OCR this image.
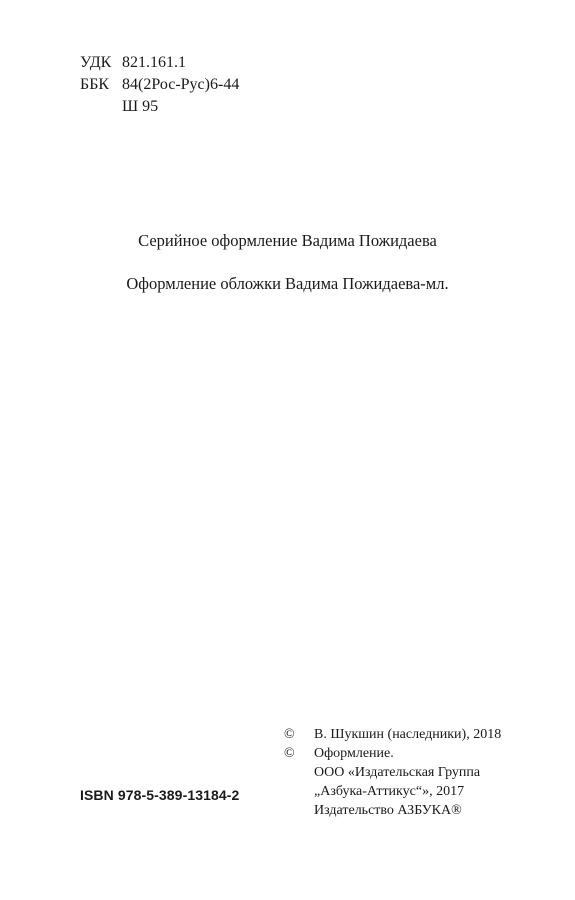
УДК 821.161.1
ББК 84(2Рос-Рус)6-44
Ш 95

Серийное оформление Вадима Пожидаева

Оформление обложки Вадима Пожидаева-мл.

ISBN 978-5-389-13184-2
©	В. Шукшин (наследники), 2018
©	Оформление.
ООО «Издательская Группа
„Азбука-Аттикус“», 2017
Издательство АЗБУКА®
